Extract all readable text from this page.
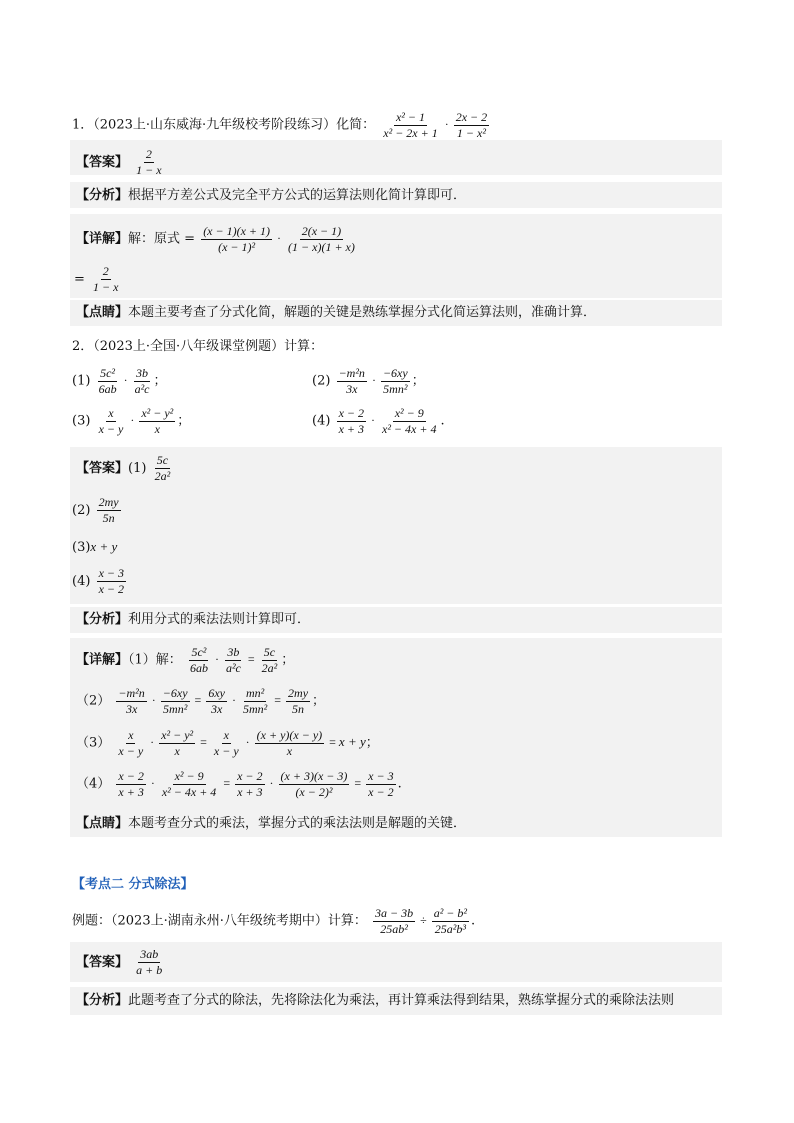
1．（2023上·山东威海·九年级校考阶段练习）化简： $\frac{\text{x² − 1}}{\text{x² − 2x + 1}} \cdot \frac{2x - 2}{\text{1 − x²}}$
【答案】 $\frac{2}{1 - x}$
【分析】根据平方差公式及完全平方公式的运算法则化简计算即可．
【详解】解：原式 = $\frac{(x - 1)(x + 1)}{\text{(x − 1)²}} \cdot \frac{2(x - 1)}{(1 - x)(1 + x)}$
= $\frac{2}{1 - x}$
【点睛】本题主要考查了分式化简，解题的关键是熟练掌握分式化简运算法则，准确计算．
2．（2023上·全国·八年级课堂例题）计算：
$(1) \frac{\text{5c²}}{6ab} \cdot \frac{3b}{\text{a²c}}$ ；	$(2) \frac{\text{−m²n}}{3x} \cdot \frac{-6xy}{\text{5mn²}}$ ；
$(3) \frac{x}{x - y} \cdot \frac{\text{x² − y²}}{x}$ ；	$(4) \frac{x - 2}{x + 3} \cdot \frac{\text{x² − 9}}{\text{x² − 4x + 4}}$ .
【答案】$(1) \frac{5c}{\text{2a²}}$
$(2) \frac{2my}{5n}$
(3)x + y
$(4) \frac{x - 3}{x - 2}$
【分析】利用分式的乘法法则计算即可．
【详解】（1）解： $\frac{\text{5c²}}{6ab} \cdot \frac{3b}{\text{a²c}} = \frac{5c}{\text{2a²}}$ ；
$(2) \frac{\text{−m²n}}{3x} \cdot \frac{-6xy}{\text{5mn²}} = \frac{6xy}{3x} \cdot \frac{\text{mn²}}{\text{5mn²}} = \frac{2my}{5n}$ ；
$(3) \frac{x}{x - y} \cdot \frac{\text{x² − y²}}{x} = \frac{x}{x - y} \cdot \frac{(x + y)(x - y)}{x} = x + y$；
$(4) \frac{x - 2}{x + 3} \cdot \frac{\text{x² − 9}}{\text{x² − 4x + 4}} = \frac{x - 2}{x + 3} \cdot \frac{(x + 3)(x - 3)}{\text{(x − 2)²}} = \frac{x - 3}{x - 2}$ .
【点睛】本题考查分式的乘法，掌握分式的乘法法则是解题的关键．
【考点二 分式除法】
例题：（2023上·湖南永州·八年级统考期中）计算： $\frac{3a - 3b}{\text{25ab²}} \div \frac{\text{a² − b²}}{\text{25a²b³}}$ .
【答案】 $\frac{3ab}{a + b}$
【分析】此题考查了分式的除法，先将除法化为乘法，再计算乘法得到结果，熟练掌握分式的乘除法法则
